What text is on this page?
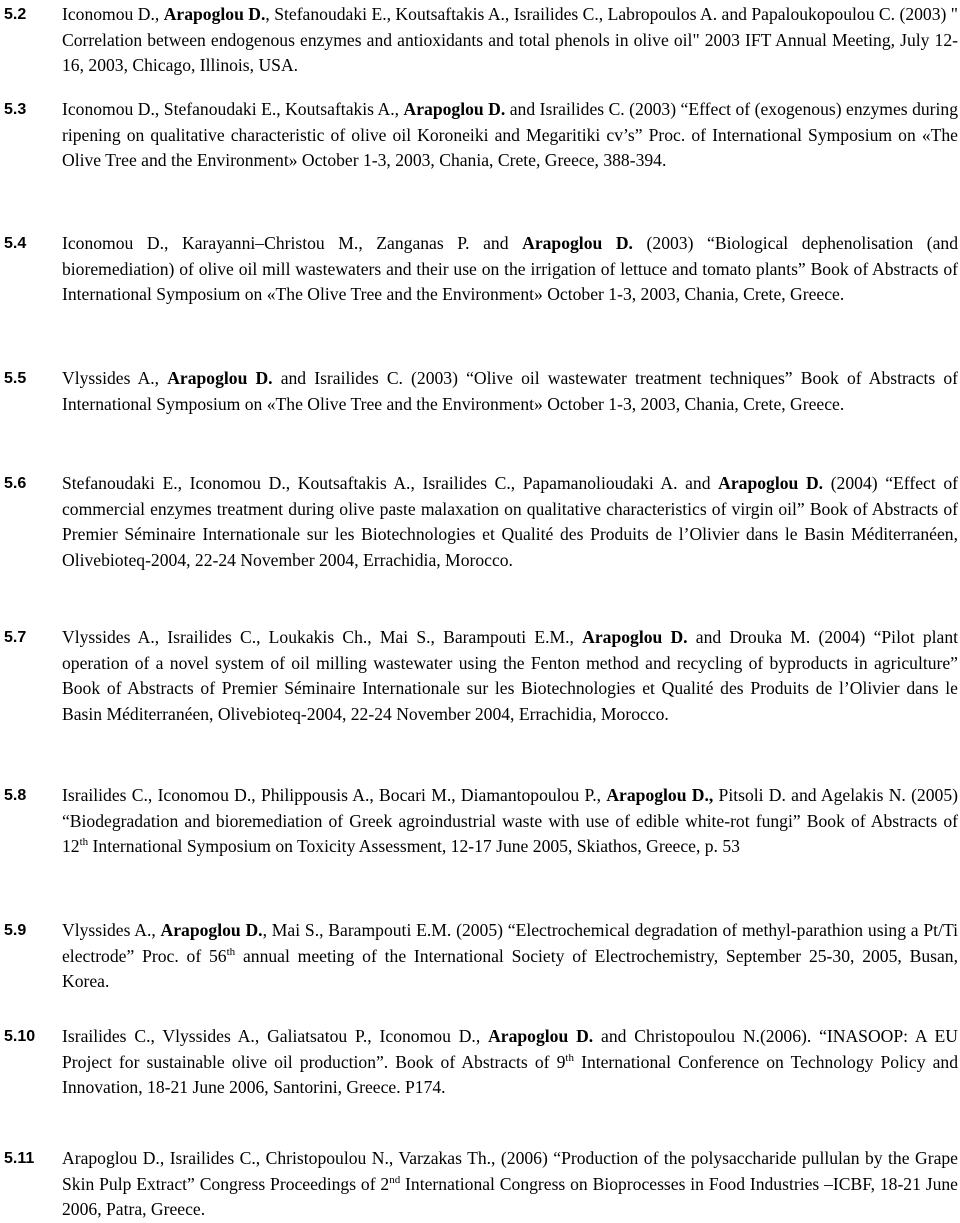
5.2 Iconomou D., Arapoglou D., Stefanoudaki E., Koutsaftakis A., Israilides C., Labropoulos A. and Papaloukopoulou C. (2003) " Correlation between endogenous enzymes and antioxidants and total phenols in olive oil" 2003 IFT Annual Meeting, July 12-16, 2003, Chicago, Illinois, USA.
5.3 Iconomou D., Stefanoudaki E., Koutsaftakis A., Arapoglou D. and Israilides C. (2003) “Effect of (exogenous) enzymes during ripening on qualitative characteristic of olive oil Koroneiki and Megaritiki cv’s” Proc. of International Symposium on «The Olive Tree and the Environment» October 1-3, 2003, Chania, Crete, Greece, 388-394.
5.4 Iconomou D., Karayanni–Christou M., Zanganas P. and Arapoglou D. (2003) “Biological dephenolisation (and bioremediation) of olive oil mill wastewaters and their use on the irrigation of lettuce and tomato plants” Book of Abstracts of International Symposium on «The Olive Tree and the Environment» October 1-3, 2003, Chania, Crete, Greece.
5.5 Vlyssides A., Arapoglou D. and Israilides C. (2003) “Olive oil wastewater treatment techniques” Book of Abstracts of International Symposium on «The Olive Tree and the Environment» October 1-3, 2003, Chania, Crete, Greece.
5.6 Stefanoudaki E., Iconomou D., Koutsaftakis A., Israilides C., Papamanolioudaki A. and Arapoglou D. (2004) “Effect of commercial enzymes treatment during olive paste malaxation on qualitative characteristics of virgin oil” Book of Abstracts of Premier Séminaire Internationale sur les Biotechnologies et Qualité des Produits de l’Olivier dans le Basin Méditerranéen, Olivebioteq-2004, 22-24 November 2004, Errachidia, Morocco.
5.7 Vlyssides A., Israilides C., Loukakis Ch., Mai S., Barampouti E.M., Arapoglou D. and Drouka M. (2004) “Pilot plant operation of a novel system of oil milling wastewater using the Fenton method and recycling of byproducts in agriculture” Book of Abstracts of Premier Séminaire Internationale sur les Biotechnologies et Qualité des Produits de l’Olivier dans le Basin Méditerranéen, Olivebioteq-2004, 22-24 November 2004, Errachidia, Morocco.
5.8 Israilides C., Iconomou D., Philippousis A., Bocari M., Diamantopoulou P., Arapoglou D., Pitsoli D. and Agelakis N. (2005) “Biodegradation and bioremediation of Greek agroindustrial waste with use of edible white-rot fungi” Book of Abstracts of 12th International Symposium on Toxicity Assessment, 12-17 June 2005, Skiathos, Greece, p. 53
5.9 Vlyssides A., Arapoglou D., Mai S., Barampouti E.M. (2005) “Electrochemical degradation of methyl-parathion using a Pt/Ti electrode” Proc. of 56th annual meeting of the International Society of Electrochemistry, September 25-30, 2005, Busan, Korea.
5.10 Israilides C., Vlyssides A., Galiatsatou P., Iconomou D., Arapoglou D. and Christopoulou N.(2006). “INASOOP: A EU Project for sustainable olive oil production”. Book of Abstracts of 9th International Conference on Technology Policy and Innovation, 18-21 June 2006, Santorini, Greece. P174.
5.11 Arapoglou D., Israilides C., Christopoulou N., Varzakas Th., (2006) “Production of the polysaccharide pullulan by the Grape Skin Pulp Extract” Congress Proceedings of 2nd International Congress on Bioprocesses in Food Industries –ICBF, 18-21 June 2006, Patra, Greece.
